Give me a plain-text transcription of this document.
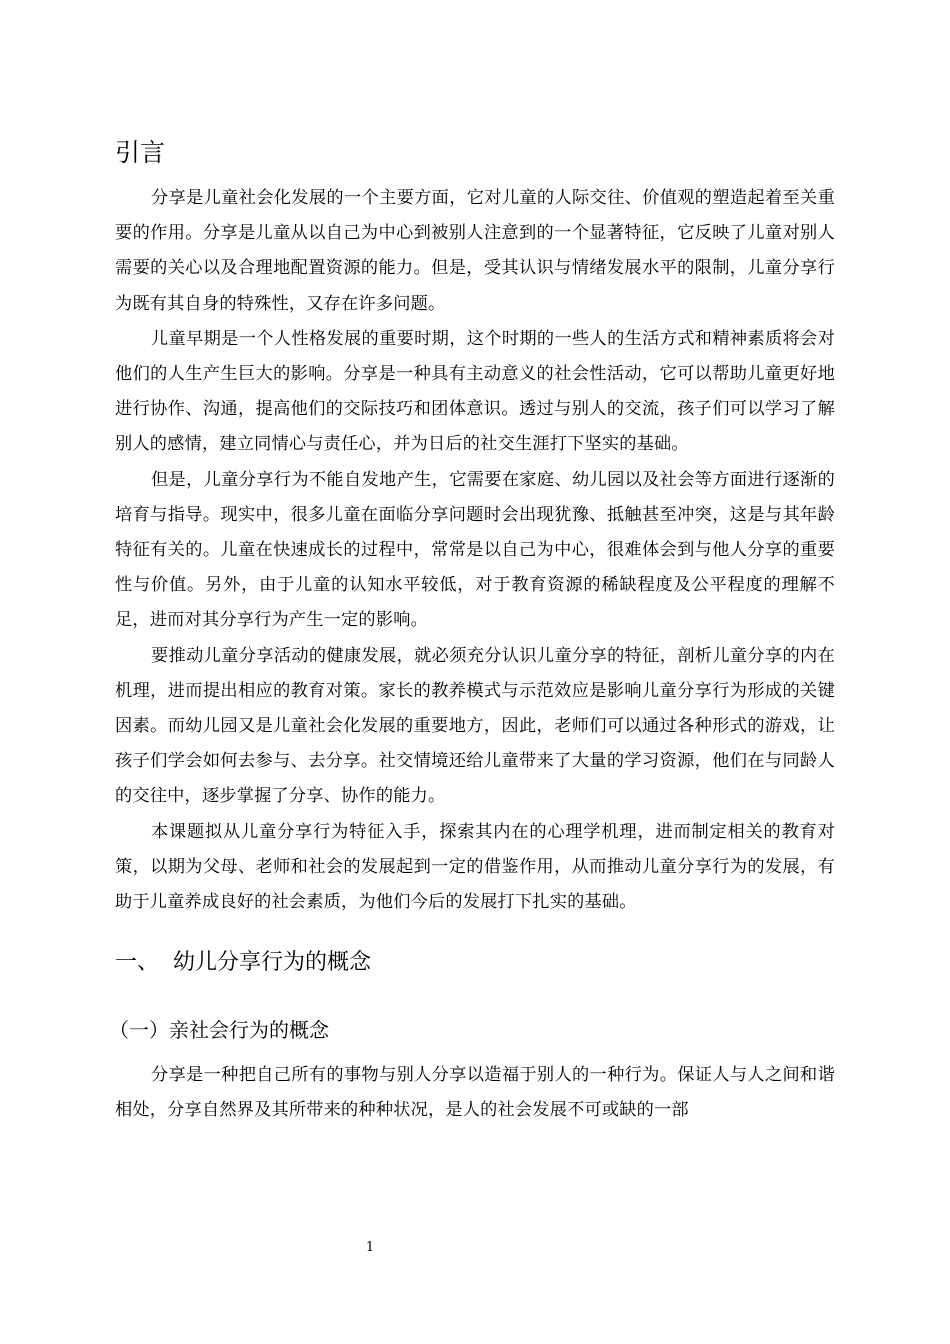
引言

分享是儿童社会化发展的一个主要方面，它对儿童的人际交往、价值观的塑造起着至关重要的作用。分享是儿童从以自己为中心到被别人注意到的一个显著特征，它反映了儿童对别人需要的关心以及合理地配置资源的能力。但是，受其认识与情绪发展水平的限制，儿童分享行为既有其自身的特殊性，又存在许多问题。

儿童早期是一个人性格发展的重要时期，这个时期的一些人的生活方式和精神素质将会对他们的人生产生巨大的影响。分享是一种具有主动意义的社会性活动，它可以帮助儿童更好地进行协作、沟通，提高他们的交际技巧和团体意识。透过与别人的交流，孩子们可以学习了解别人的感情，建立同情心与责任心，并为日后的社交生涯打下坚实的基础。

但是，儿童分享行为不能自发地产生，它需要在家庭、幼儿园以及社会等方面进行逐渐的培育与指导。现实中，很多儿童在面临分享问题时会出现犹豫、抵触甚至冲突，这是与其年龄特征有关的。儿童在快速成长的过程中，常常是以自己为中心，很难体会到与他人分享的重要性与价值。另外，由于儿童的认知水平较低，对于教育资源的稀缺程度及公平程度的理解不足，进而对其分享行为产生一定的影响。

要推动儿童分享活动的健康发展，就必须充分认识儿童分享的特征，剖析儿童分享的内在机理，进而提出相应的教育对策。家长的教养模式与示范效应是影响儿童分享行为形成的关键因素。而幼儿园又是儿童社会化发展的重要地方，因此，老师们可以通过各种形式的游戏，让孩子们学会如何去参与、去分享。社交情境还给儿童带来了大量的学习资源，他们在与同龄人的交往中，逐步掌握了分享、协作的能力。

本课题拟从儿童分享行为特征入手，探索其内在的心理学机理，进而制定相关的教育对策，以期为父母、老师和社会的发展起到一定的借鉴作用，从而推动儿童分享行为的发展，有助于儿童养成良好的社会素质，为他们今后的发展打下扎实的基础。

一、  幼儿分享行为的概念
（一）亲社会行为的概念

分享是一种把自己所有的事物与别人分享以造福于别人的一种行为。保证人与人之间和谐相处，分享自然界及其所带来的种种状况，是人的社会发展不可或缺的一部

1
